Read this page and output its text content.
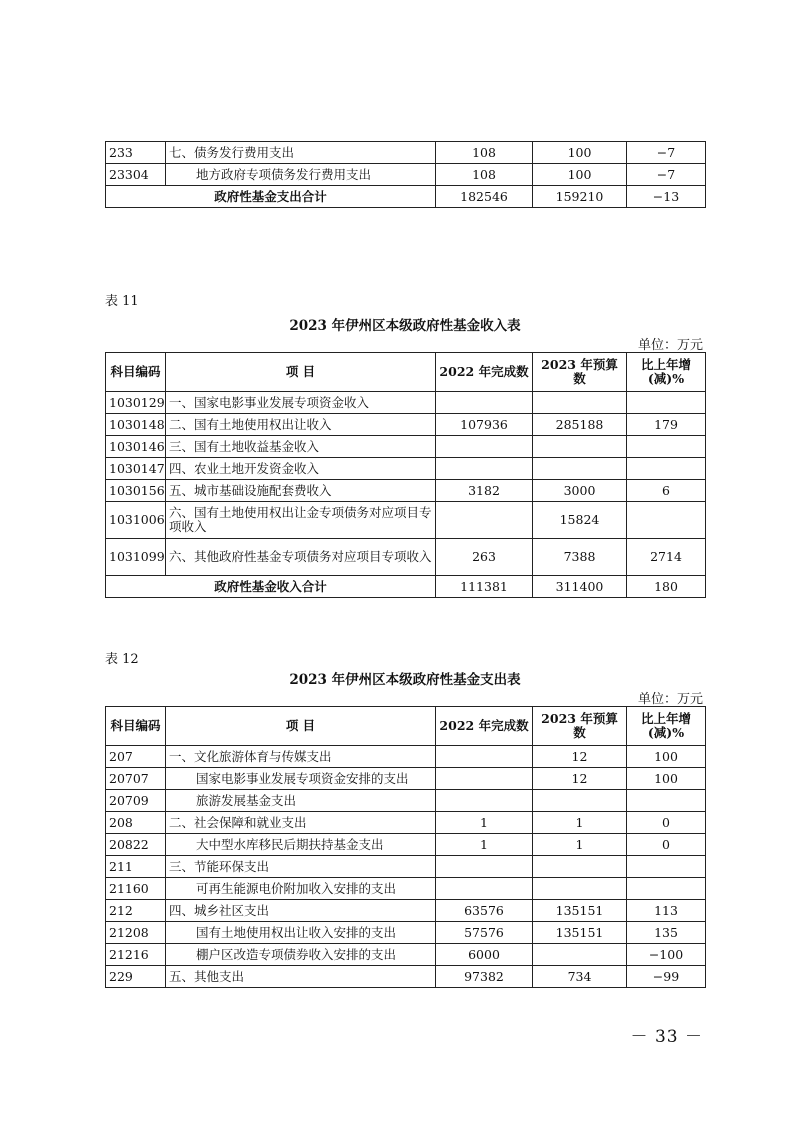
233	七、债务发行费用支出	108	100	−7
23304	地方政府专项债务发行费用支出	108	100	−7
政府性基金支出合计		182546	159210	−13
表 11
2023 年伊州区本级政府性基金收入表
单位：万元
科目编码	项 目	2022 年完成数	2023 年预算数	比上年增(减)%
1030129	一、国家电影事业发展专项资金收入			
1030148	二、国有土地使用权出让收入	107936	285188	179
1030146	三、国有土地收益基金收入			
1030147	四、农业土地开发资金收入			
1030156	五、城市基础设施配套费收入	3182	3000	6
1031006	六、国有土地使用权出让金专项债务对应项目专项收入		15824	
1031099	六、其他政府性基金专项债务对应项目专项收入	263	7388	2714
政府性基金收入合计		111381	311400	180
表 12
2023 年伊州区本级政府性基金支出表
单位：万元
科目编码	项 目	2022 年完成数	2023 年预算数	比上年增(减)%
207	一、文化旅游体育与传媒支出		12	100
20707	国家电影事业发展专项资金安排的支出		12	100
20709	旅游发展基金支出			
208	二、社会保障和就业支出	1	1	0
20822	大中型水库移民后期扶持基金支出	1	1	0
211	三、节能环保支出			
21160	可再生能源电价附加收入安排的支出			
212	四、城乡社区支出	63576	135151	113
21208	国有土地使用权出让收入安排的支出	57576	135151	135
21216	棚户区改造专项债券收入安排的支出	6000		−100
229	五、其他支出	97382	734	−99
－ 33 －
